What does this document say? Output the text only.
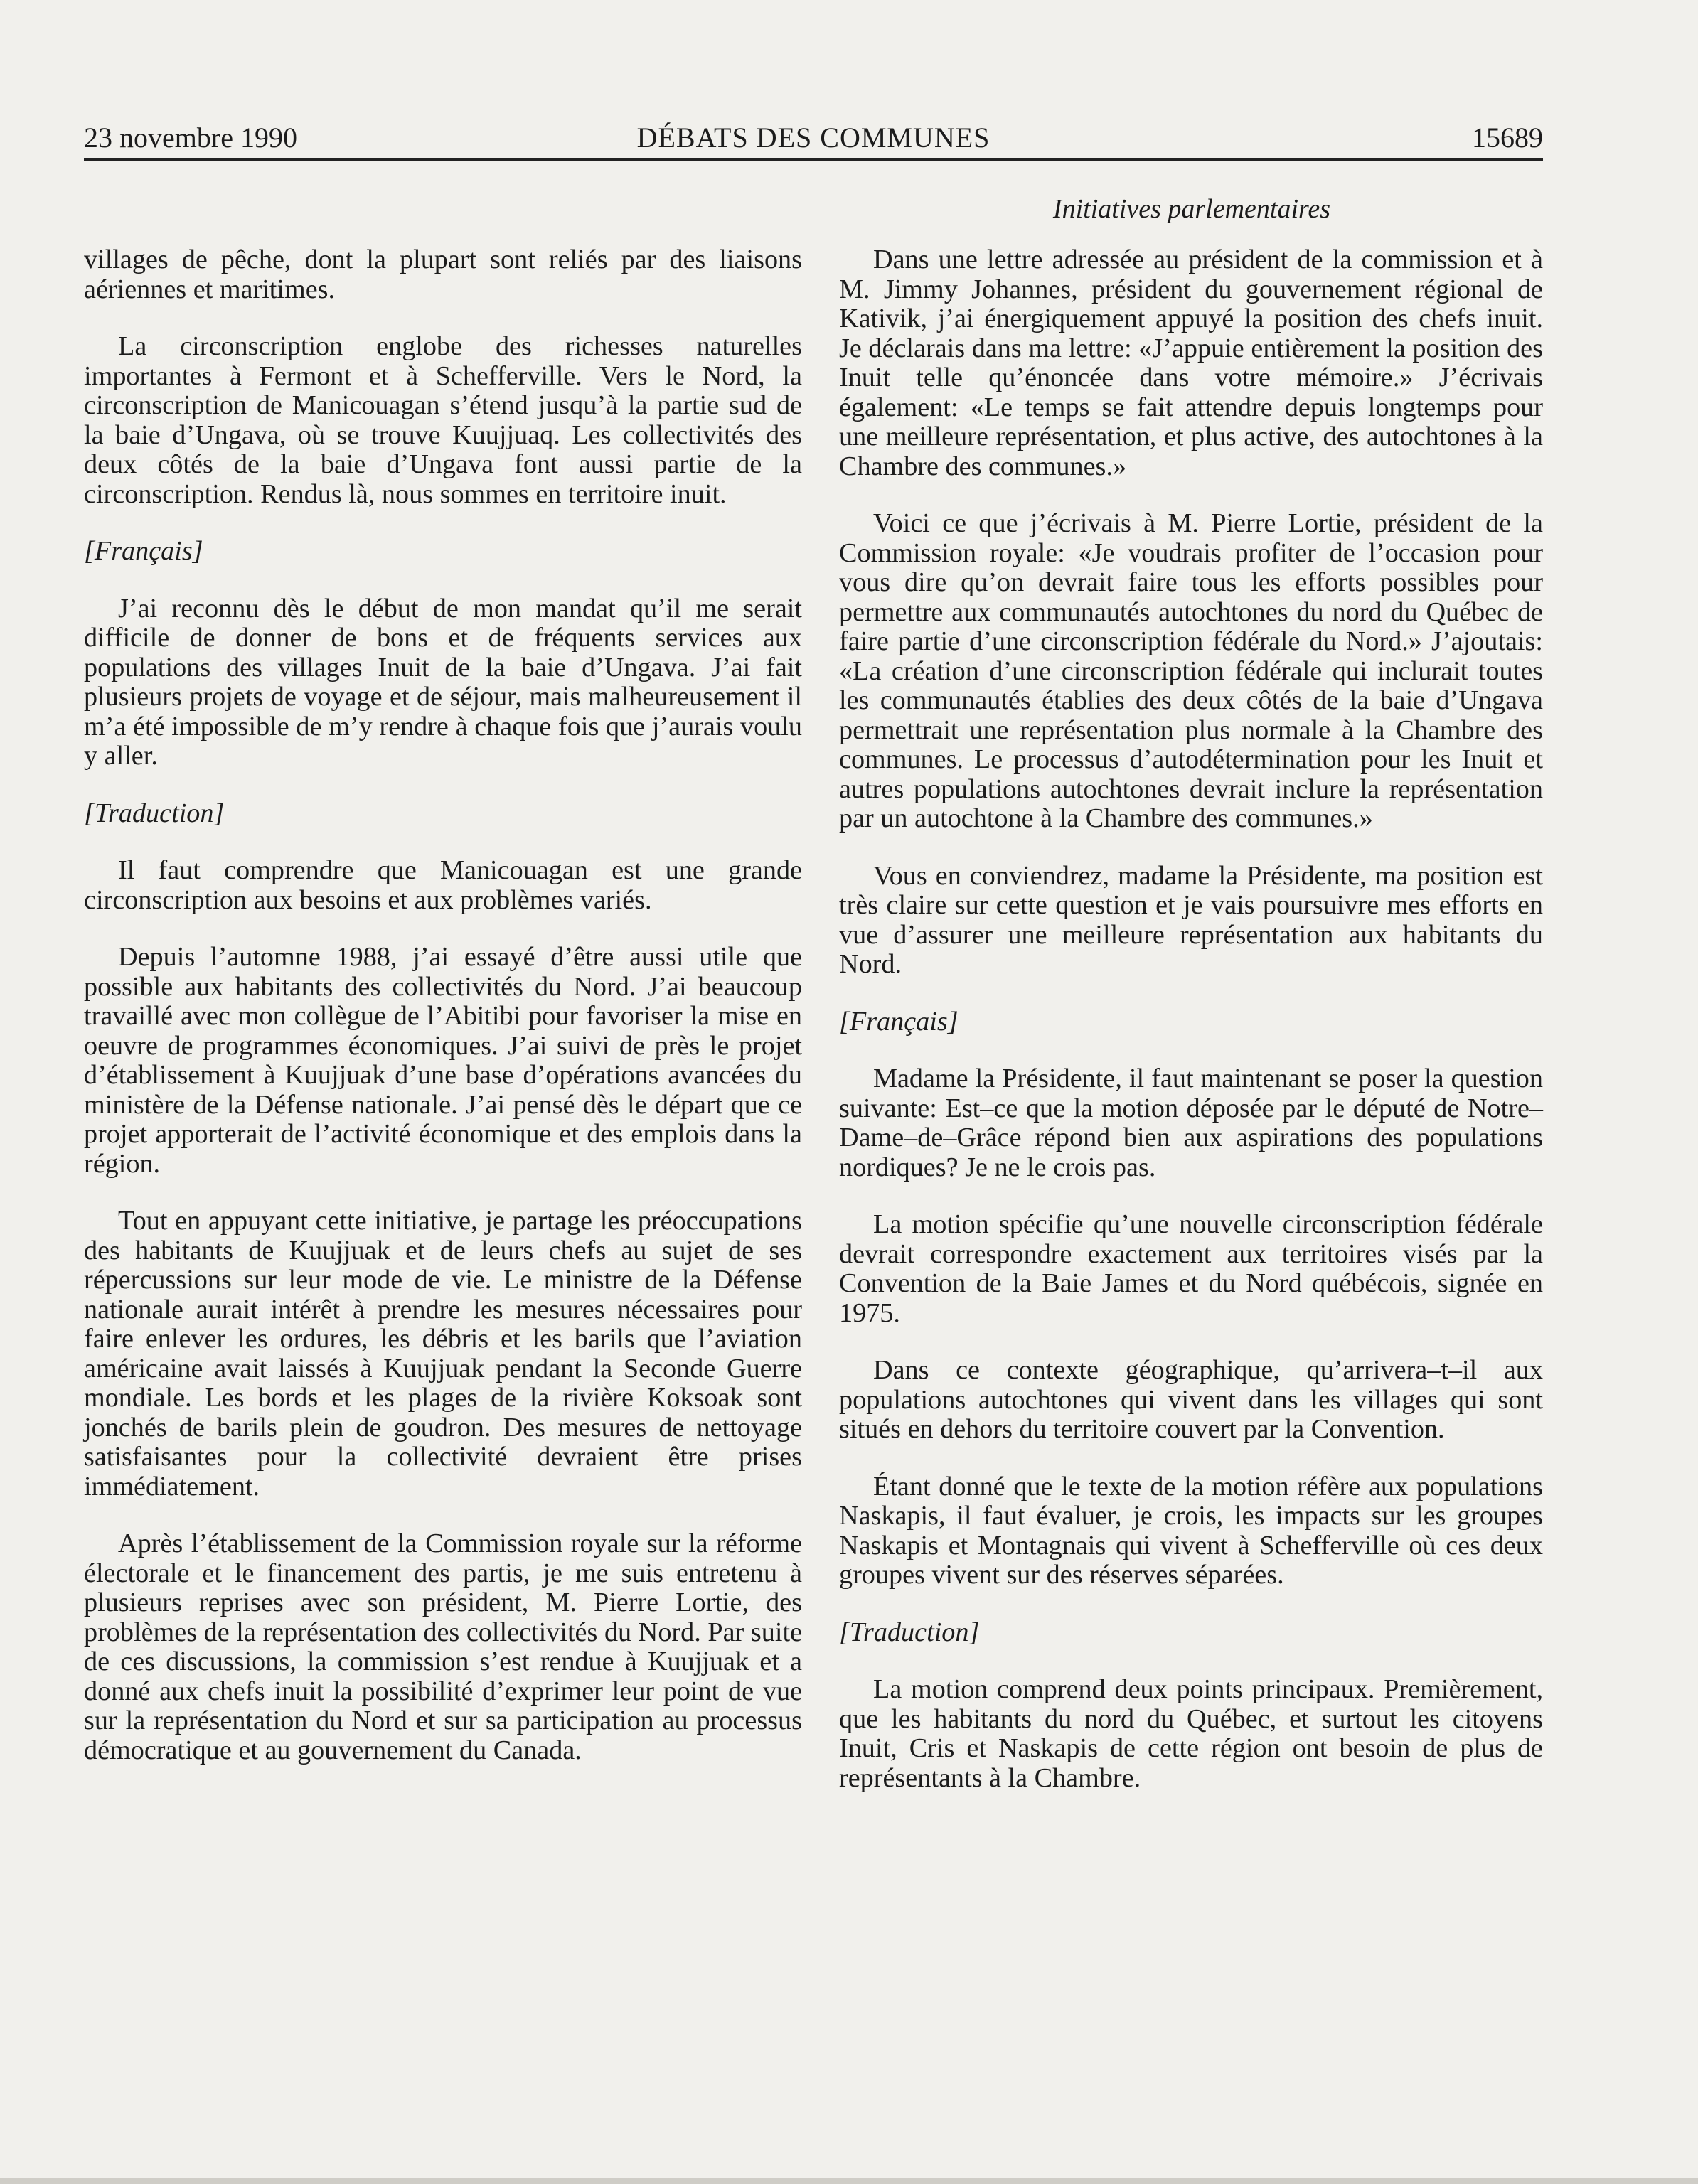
23 novembre 1990	DÉBATS DES COMMUNES	15689
Initiatives parlementaires

villages de pêche, dont la plupart sont reliés par des liaisons aériennes et maritimes.

La circonscription englobe des richesses naturelles importantes à Fermont et à Schefferville. Vers le Nord, la circonscription de Manicouagan s’étend jusqu’à la partie sud de la baie d’Ungava, où se trouve Kuujjuaq. Les collectivités des deux côtés de la baie d’Ungava font aussi partie de la circonscription. Rendus là, nous sommes en territoire inuit.

[Français]

J’ai reconnu dès le début de mon mandat qu’il me serait difficile de donner de bons et de fréquents services aux populations des villages Inuit de la baie d’Ungava. J’ai fait plusieurs projets de voyage et de séjour, mais malheureusement il m’a été impossible de m’y rendre à chaque fois que j’aurais voulu y aller.

[Traduction]

Il faut comprendre que Manicouagan est une grande circonscription aux besoins et aux problèmes variés.

Depuis l’automne 1988, j’ai essayé d’être aussi utile que possible aux habitants des collectivités du Nord. J’ai beaucoup travaillé avec mon collègue de l’Abitibi pour favoriser la mise en oeuvre de programmes économiques. J’ai suivi de près le projet d’établissement à Kuujjuak d’une base d’opérations avancées du ministère de la Défense nationale. J’ai pensé dès le départ que ce projet apporterait de l’activité économique et des emplois dans la région.

Tout en appuyant cette initiative, je partage les préoccupations des habitants de Kuujjuak et de leurs chefs au sujet de ses répercussions sur leur mode de vie. Le ministre de la Défense nationale aurait intérêt à prendre les mesures nécessaires pour faire enlever les ordures, les débris et les barils que l’aviation américaine avait laissés à Kuujjuak pendant la Seconde Guerre mondiale. Les bords et les plages de la rivière Koksoak sont jonchés de barils plein de goudron. Des mesures de nettoyage satisfaisantes pour la collectivité devraient être prises immédiatement.

Après l’établissement de la Commission royale sur la réforme électorale et le financement des partis, je me suis entretenu à plusieurs reprises avec son président, M. Pierre Lortie, des problèmes de la représentation des collectivités du Nord. Par suite de ces discussions, la commission s’est rendue à Kuujjuak et a donné aux chefs inuit la possibilité d’exprimer leur point de vue sur la représentation du Nord et sur sa participation au processus démocratique et au gouvernement du Canada.

Dans une lettre adressée au président de la commission et à M. Jimmy Johannes, président du gouvernement régional de Kativik, j’ai énergiquement appuyé la position des chefs inuit. Je déclarais dans ma lettre: «J’appuie entièrement la position des Inuit telle qu’énoncée dans votre mémoire.» J’écrivais également: «Le temps se fait attendre depuis longtemps pour une meilleure représentation, et plus active, des autochtones à la Chambre des communes.»

Voici ce que j’écrivais à M. Pierre Lortie, président de la Commission royale: «Je voudrais profiter de l’occasion pour vous dire qu’on devrait faire tous les efforts possibles pour permettre aux communautés autochtones du nord du Québec de faire partie d’une circonscription fédérale du Nord.» J’ajoutais: «La création d’une circonscription fédérale qui inclurait toutes les communautés établies des deux côtés de la baie d’Ungava permettrait une représentation plus normale à la Chambre des communes. Le processus d’autodétermination pour les Inuit et autres populations autochtones devrait inclure la représentation par un autochtone à la Chambre des communes.»

Vous en conviendrez, madame la Présidente, ma position est très claire sur cette question et je vais poursuivre mes efforts en vue d’assurer une meilleure représentation aux habitants du Nord.

[Français]

Madame la Présidente, il faut maintenant se poser la question suivante: Est–ce que la motion déposée par le député de Notre–Dame–de–Grâce répond bien aux aspirations des populations nordiques? Je ne le crois pas.

La motion spécifie qu’une nouvelle circonscription fédérale devrait correspondre exactement aux territoires visés par la Convention de la Baie James et du Nord québécois, signée en 1975.

Dans ce contexte géographique, qu’arrivera–t–il aux populations autochtones qui vivent dans les villages qui sont situés en dehors du territoire couvert par la Convention.

Étant donné que le texte de la motion réfère aux populations Naskapis, il faut évaluer, je crois, les impacts sur les groupes Naskapis et Montagnais qui vivent à Schefferville où ces deux groupes vivent sur des réserves séparées.

[Traduction]

La motion comprend deux points principaux. Premièrement, que les habitants du nord du Québec, et surtout les citoyens Inuit, Cris et Naskapis de cette région ont besoin de plus de représentants à la Chambre.
